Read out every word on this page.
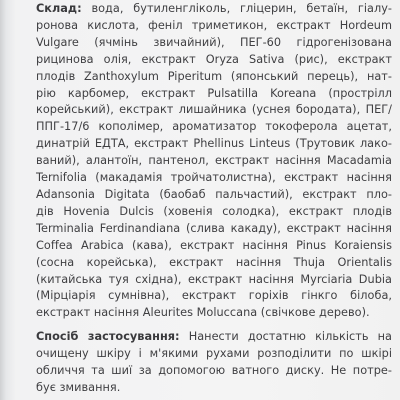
Склад: вода, бутиленгліколь, гліцерин, бетаїн, гіалу-
ронова кислота, феніл триметикон, екстракт Hordeum
Vulgare (ячмінь звичайний), ПЕГ-60 гідрогенізована
рицинова олія, екстракт Oryza Sativa (рис), екстракт
плодів Zanthoxylum Piperitum (японський перець), нат-
рію карбомер, екстракт Pulsatilla Koreana (прострілл
корейський), екстракт лишайника (уснея бородата), ПЕГ/
ППГ-17/6 кополімер, ароматизатор токоферола ацетат,
динатрій ЕДТА, екстракт Phellinus Linteus (Трутовик лако-
ваний), алантоїн, пантенол, екстракт насіння Macadamia
Ternifolia (макадамія тройчатолистна), екстракт насіння
Adansonia Digitata (баобаб пальчастий), екстракт пло-
дів Hovenia Dulcis (ховенія солодка), екстракт плодів
Terminalia Ferdinandiana (слива какаду), екстракт насіння
Coffea Arabica (кава), екстракт насіння Pinus Koraiensis
(сосна корейська), екстракт насіння Thuja Orientalis
(китайська туя східна), екстракт насіння Myrciaria Dubia
(Мірціарія сумнівна), екстракт горіхів гінкго білоба,
екстракт насіння Aleurites Moluccana (свічкове дерево).
Спосіб застосування: Нанести достатню кількість на
очищену шкіру і м'якими рухами розподілити по шкірі
обличчя та шиї за допомогою ватного диску. Не потре-
бує змивання.
